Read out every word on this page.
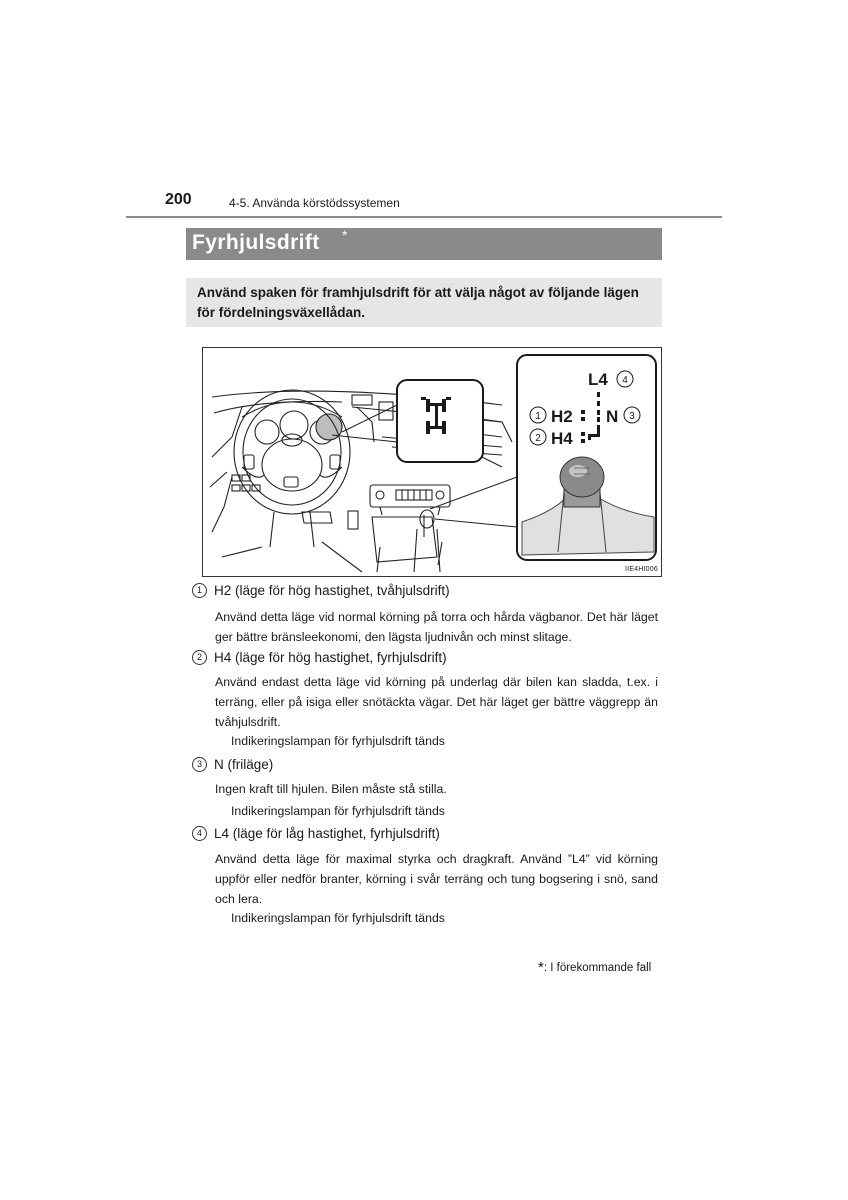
200	4-5. Använda körstödssystemen
Fyrhjulsdrift *
Använd spaken för framhjulsdrift för att välja något av följande lägen för fördelningsväxellådan.
4
1
2
3
L4
H2
H4
N
IIE4HI006
1 H2 (läge för hög hastighet, tvåhjulsdrift)
Använd detta läge vid normal körning på torra och hårda vägbanor. Det här läget ger bättre bränsleekonomi, den lägsta ljudnivån och minst slitage.
2 H4 (läge för hög hastighet, fyrhjulsdrift)
Använd endast detta läge vid körning på underlag där bilen kan sladda, t.ex. i terräng, eller på isiga eller snötäckta vägar. Det här läget ger bättre väggrepp än tvåhjulsdrift.
Indikeringslampan för fyrhjulsdrift tänds
3 N (friläge)
Ingen kraft till hjulen. Bilen måste stå stilla.
Indikeringslampan för fyrhjulsdrift tänds
4 L4 (läge för låg hastighet, fyrhjulsdrift)
Använd detta läge för maximal styrka och dragkraft. Använd ”L4” vid körning uppför eller nedför branter, körning i svår terräng och tung bogsering i snö, sand och lera.
Indikeringslampan för fyrhjulsdrift tänds
*: I förekommande fall
